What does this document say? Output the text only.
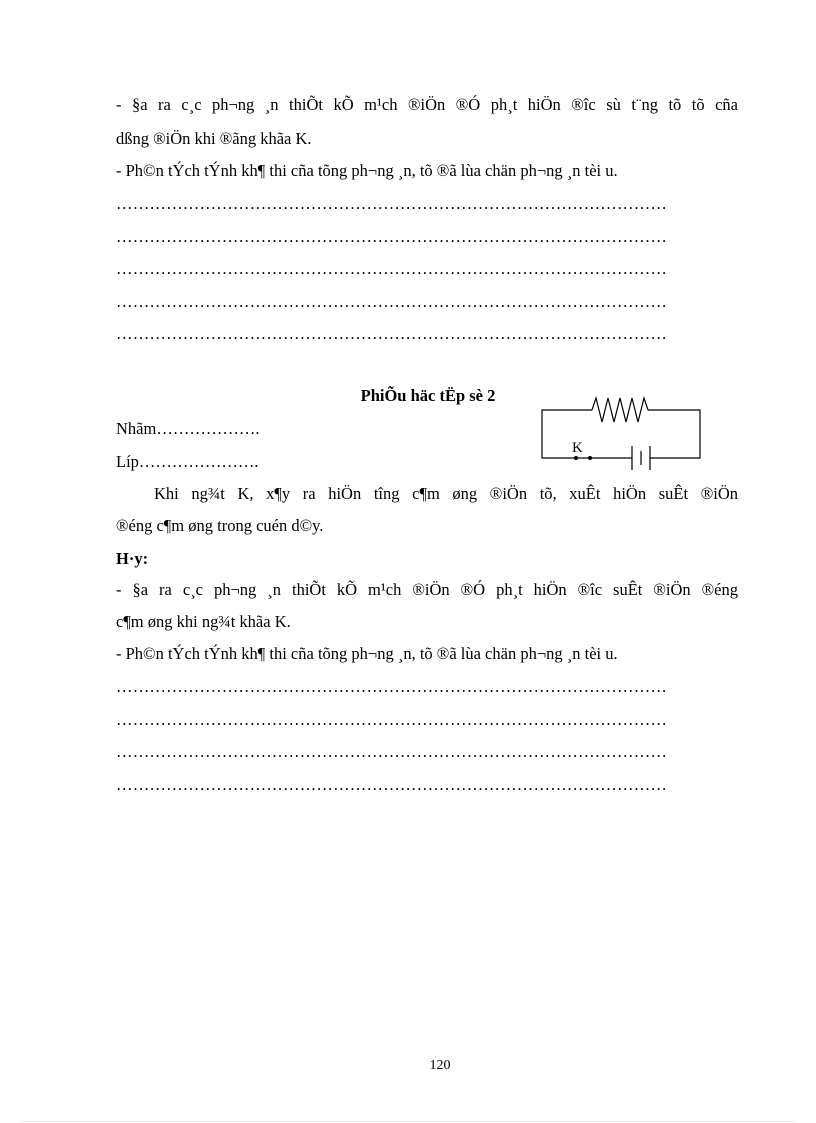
- §a ra c¸c ph¬ng ¸n thiÕt kÕ m¹ch ®iÖn ®Ó ph¸t hiÖn ®îc sù t¨ng tõ tõ cña
dßng ®iÖn khi ®ãng khãa K.
- Ph©n tÝch tÝnh kh¶ thi cña tõng ph¬ng ¸n, tõ ®ã lùa chän ph¬ng ¸n tèi u.
………………………………………………………………………………………
………………………………………………………………………………………
………………………………………………………………………………………
………………………………………………………………………………………
………………………………………………………………………………………
PhiÕu häc tËp sè 2
Nhãm……………….
Líp………………….
K
Khi ng¾t K, x¶y ra hiÖn tîng c¶m øng ®iÖn tõ, xuÊt hiÖn suÊt ®iÖn
®éng c¶m øng trong cuén d©y.
H·y:
- §a ra c¸c ph¬ng ¸n thiÕt kÕ m¹ch ®iÖn ®Ó ph¸t hiÖn ®îc suÊt ®iÖn ®éng
c¶m øng khi ng¾t khãa K.
- Ph©n tÝch tÝnh kh¶ thi cña tõng ph¬ng ¸n, tõ ®ã lùa chän ph¬ng ¸n tèi u.
………………………………………………………………………………………
………………………………………………………………………………………
………………………………………………………………………………………
………………………………………………………………………………………
120
